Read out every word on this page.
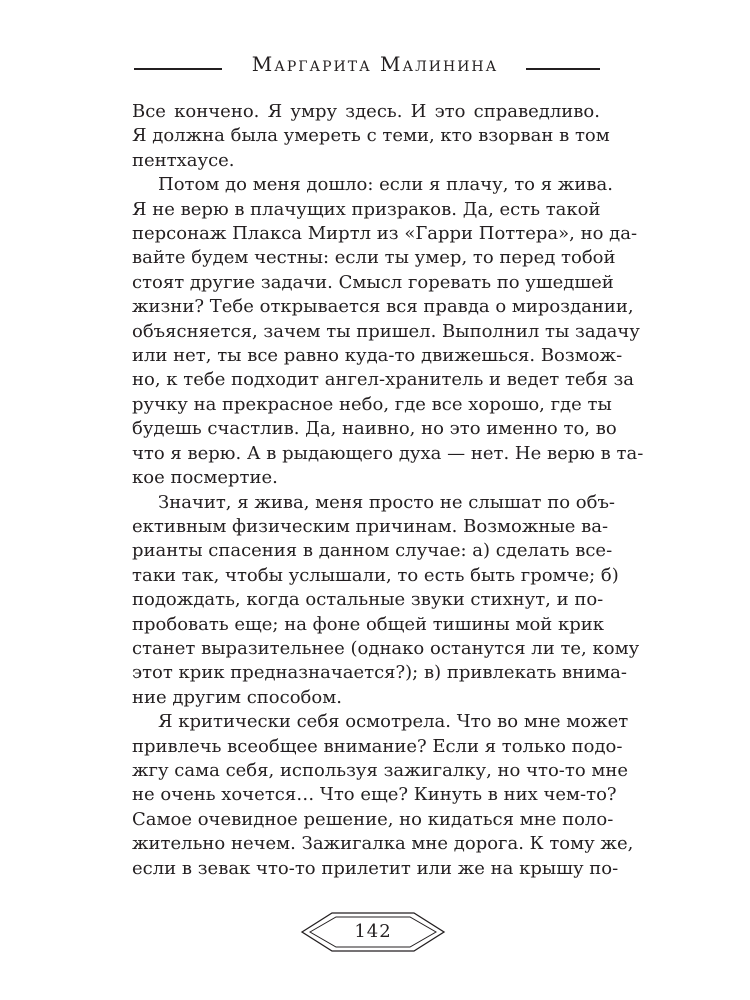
Маргарита Малинина

Все кончено. Я умру здесь. И это справедливо.
Я должна была умереть с теми, кто взорван в том
пентхаусе.

Потом до меня дошло: если я плачу, то я жива.
Я не верю в плачущих призраков. Да, есть такой
персонаж Плакса Миртл из «Гарри Поттера», но да-
вайте будем честны: если ты умер, то перед тобой
стоят другие задачи. Смысл горевать по ушедшей
жизни? Тебе открывается вся правда о мироздании,
объясняется, зачем ты пришел. Выполнил ты задачу
или нет, ты все равно куда-то движешься. Возмож-
но, к тебе подходит ангел-хранитель и ведет тебя за
ручку на прекрасное небо, где все хорошо, где ты
будешь счастлив. Да, наивно, но это именно то, во
что я верю. А в рыдающего духа — нет. Не верю в та-
кое посмертие.

Значит, я жива, меня просто не слышат по объ-
ективным физическим причинам. Возможные ва-
рианты спасения в данном случае: а) сделать все-
таки так, чтобы услышали, то есть быть громче; б)
подождать, когда остальные звуки стихнут, и по-
пробовать еще; на фоне общей тишины мой крик
станет выразительнее (однако останутся ли те, кому
этот крик предназначается?); в) привлекать внима-
ние другим способом.

Я критически себя осмотрела. Что во мне может
привлечь всеобщее внимание? Если я только подо-
жгу сама себя, используя зажигалку, но что-то мне
не очень хочется… Что еще? Кинуть в них чем-то?
Самое очевидное решение, но кидаться мне поло-
жительно нечем. Зажигалка мне дорога. К тому же,
если в зевак что-то прилетит или же на крышу по-

142
